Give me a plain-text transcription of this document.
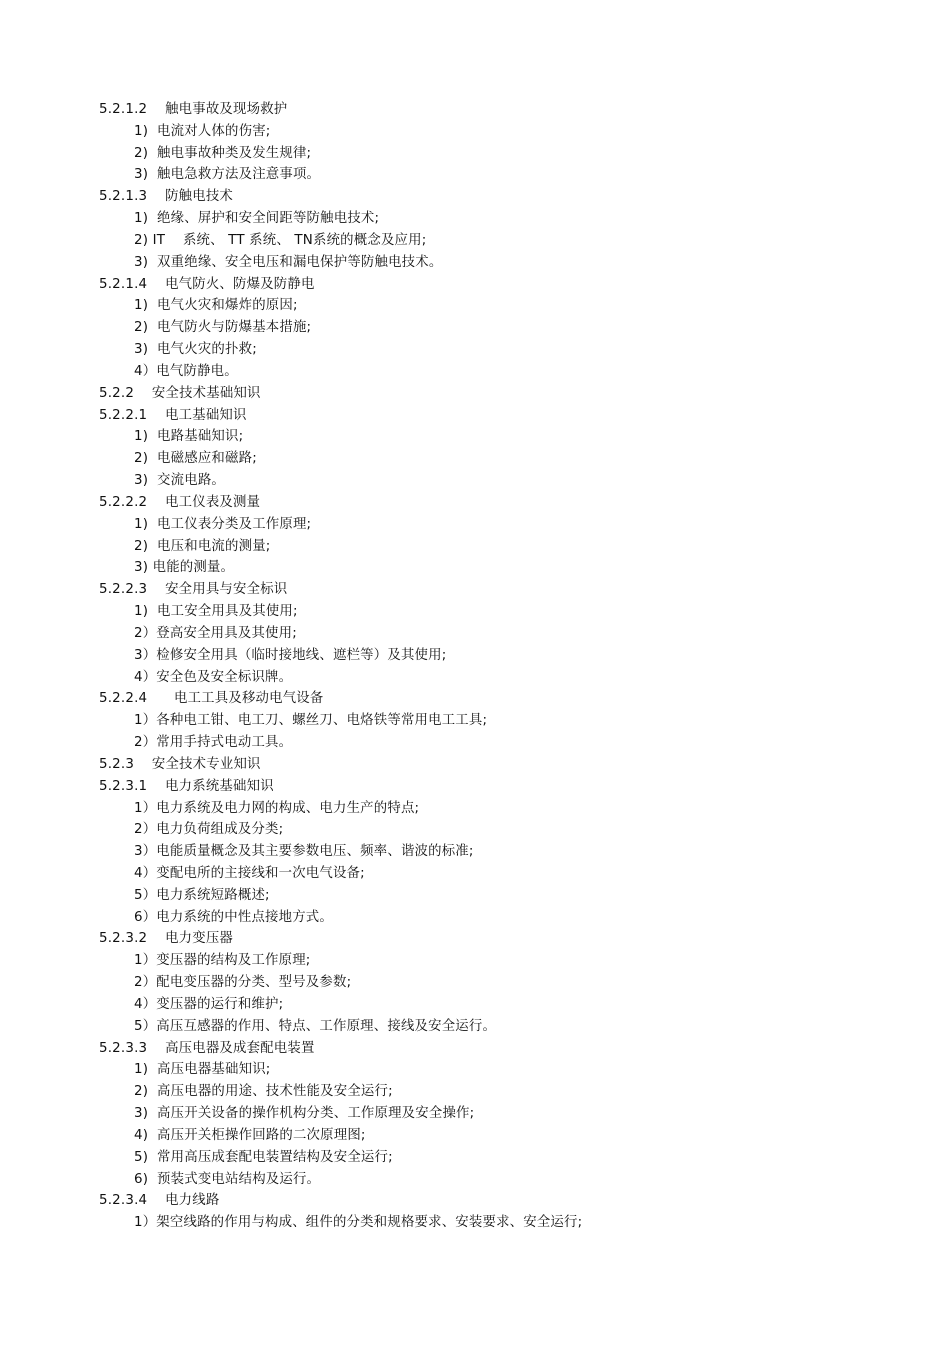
5.2.1.2    触电事故及现场救护
1)  电流对人体的伤害;
2)  触电事故种类及发生规律;
3)  触电急救方法及注意事项。
5.2.1.3    防触电技术
1)  绝缘、屏护和安全间距等防触电技术;
2) IT    系统、 TT 系统、 TN系统的概念及应用;
3)  双重绝缘、安全电压和漏电保护等防触电技术。
5.2.1.4    电气防火、防爆及防静电
1)  电气火灾和爆炸的原因;
2)  电气防火与防爆基本措施;
3)  电气火灾的扑救;
4）电气防静电。
5.2.2    安全技术基础知识
5.2.2.1    电工基础知识
1)  电路基础知识;
2)  电磁感应和磁路;
3)  交流电路。
5.2.2.2    电工仪表及测量
1)  电工仪表分类及工作原理;
2)  电压和电流的测量;
3) 电能的测量。
5.2.2.3    安全用具与安全标识
1)  电工安全用具及其使用;
2）登高安全用具及其使用;
3）检修安全用具（临时接地线、遮栏等）及其使用;
4）安全色及安全标识牌。
5.2.2.4      电工工具及移动电气设备
1）各种电工钳、电工刀、螺丝刀、电烙铁等常用电工工具;
2）常用手持式电动工具。
5.2.3    安全技术专业知识
5.2.3.1    电力系统基础知识
1）电力系统及电力网的构成、电力生产的特点;
2）电力负荷组成及分类;
3）电能质量概念及其主要参数电压、频率、谐波的标准;
4）变配电所的主接线和一次电气设备;
5）电力系统短路概述;
6）电力系统的中性点接地方式。
5.2.3.2    电力变压器
1）变压器的结构及工作原理;
2）配电变压器的分类、型号及参数;
4）变压器的运行和维护;
5）高压互感器的作用、特点、工作原理、接线及安全运行。
5.2.3.3    高压电器及成套配电装置
1)  高压电器基础知识;
2)  高压电器的用途、技术性能及安全运行;
3)  高压开关设备的操作机构分类、工作原理及安全操作;
4)  高压开关柜操作回路的二次原理图;
5)  常用高压成套配电装置结构及安全运行;
6)  预装式变电站结构及运行。
5.2.3.4    电力线路
1）架空线路的作用与构成、组件的分类和规格要求、安装要求、安全运行;
